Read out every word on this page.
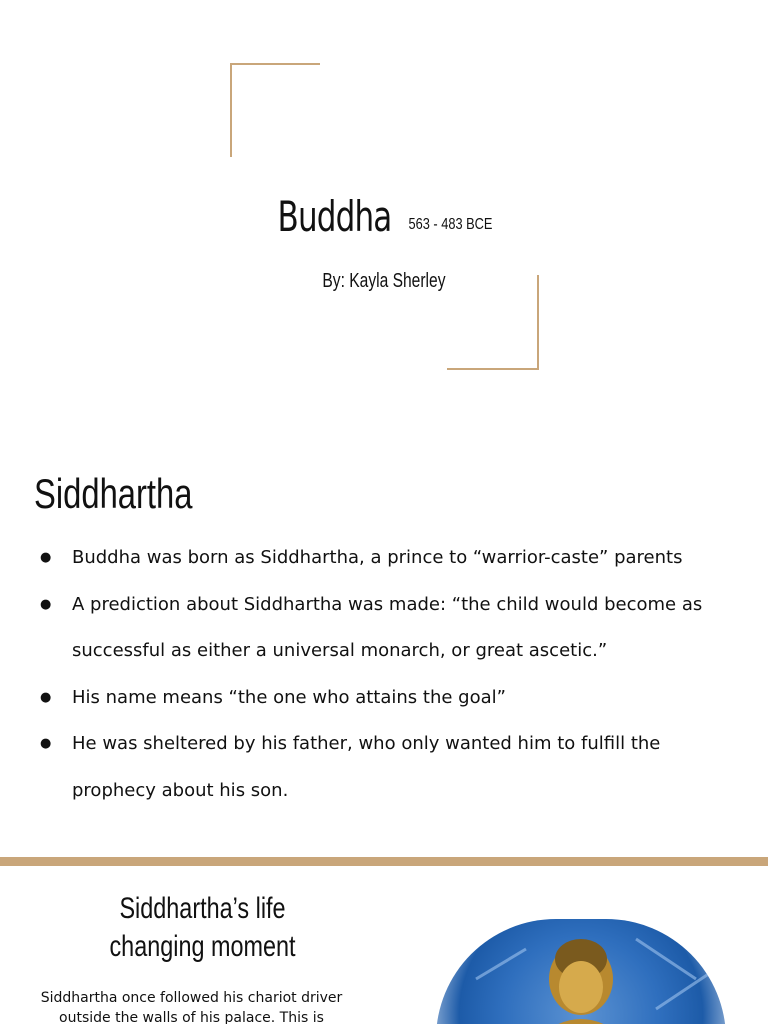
Buddha 563 - 483 BCE
By: Kayla Sherley
Siddhartha
● Buddha was born as Siddhartha, a prince to “warrior-caste” parents
● A prediction about Siddhartha was made: “the child would become as successful as either a universal monarch, or great ascetic.”
● His name means “the one who attains the goal”
● He was sheltered by his father, who only wanted him to fulfill the prophecy about his son.
Siddhartha’s life changing moment
Siddhartha once followed his chariot driver outside the walls of his palace. This is
